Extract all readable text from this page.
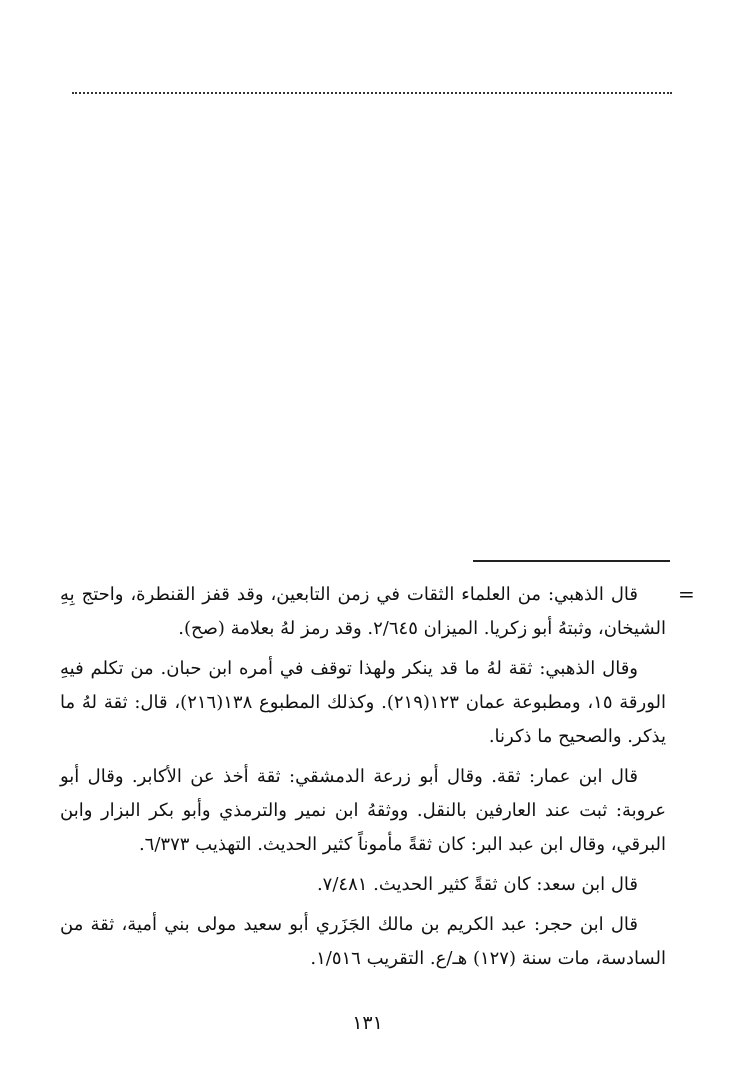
=

قال الذهبي: من العلماء الثقات في زمن التابعين، وقد قفز القنطرة، واحتج بِهِ الشيخان، وثبتهُ أبو زكريا. الميزان ٢/٦٤٥. وقد رمز لهُ بعلامة (صح).

وقال الذهبي: ثقة لهُ ما قد ينكر ولهذا توقف في أمره ابن حبان. من تكلم فيهِ الورقة ١٥، ومطبوعة عمان ١٢٣(٢١٩). وكذلك المطبوع ١٣٨(٢١٦)، قال: ثقة لهُ ما يذكر. والصحيح ما ذكرنا.

قال ابن عمار: ثقة. وقال أبو زرعة الدمشقي: ثقة أخذ عن الأكابر. وقال أبو عروبة: ثبت عند العارفين بالنقل. ووثقهُ ابن نمير والترمذي وأبو بكر البزار وابن البرقي، وقال ابن عبد البر: كان ثقةً مأموناً كثير الحديث. التهذيب ٦/٣٧٣.

قال ابن سعد: كان ثقةً كثير الحديث. ٧/٤٨١.

قال ابن حجر: عبد الكريم بن مالك الجَزَري أبو سعيد مولى بني أمية، ثقة من السادسة، مات سنة (١٢٧) هـ/ع. التقريب ١/٥١٦.

١٣١
